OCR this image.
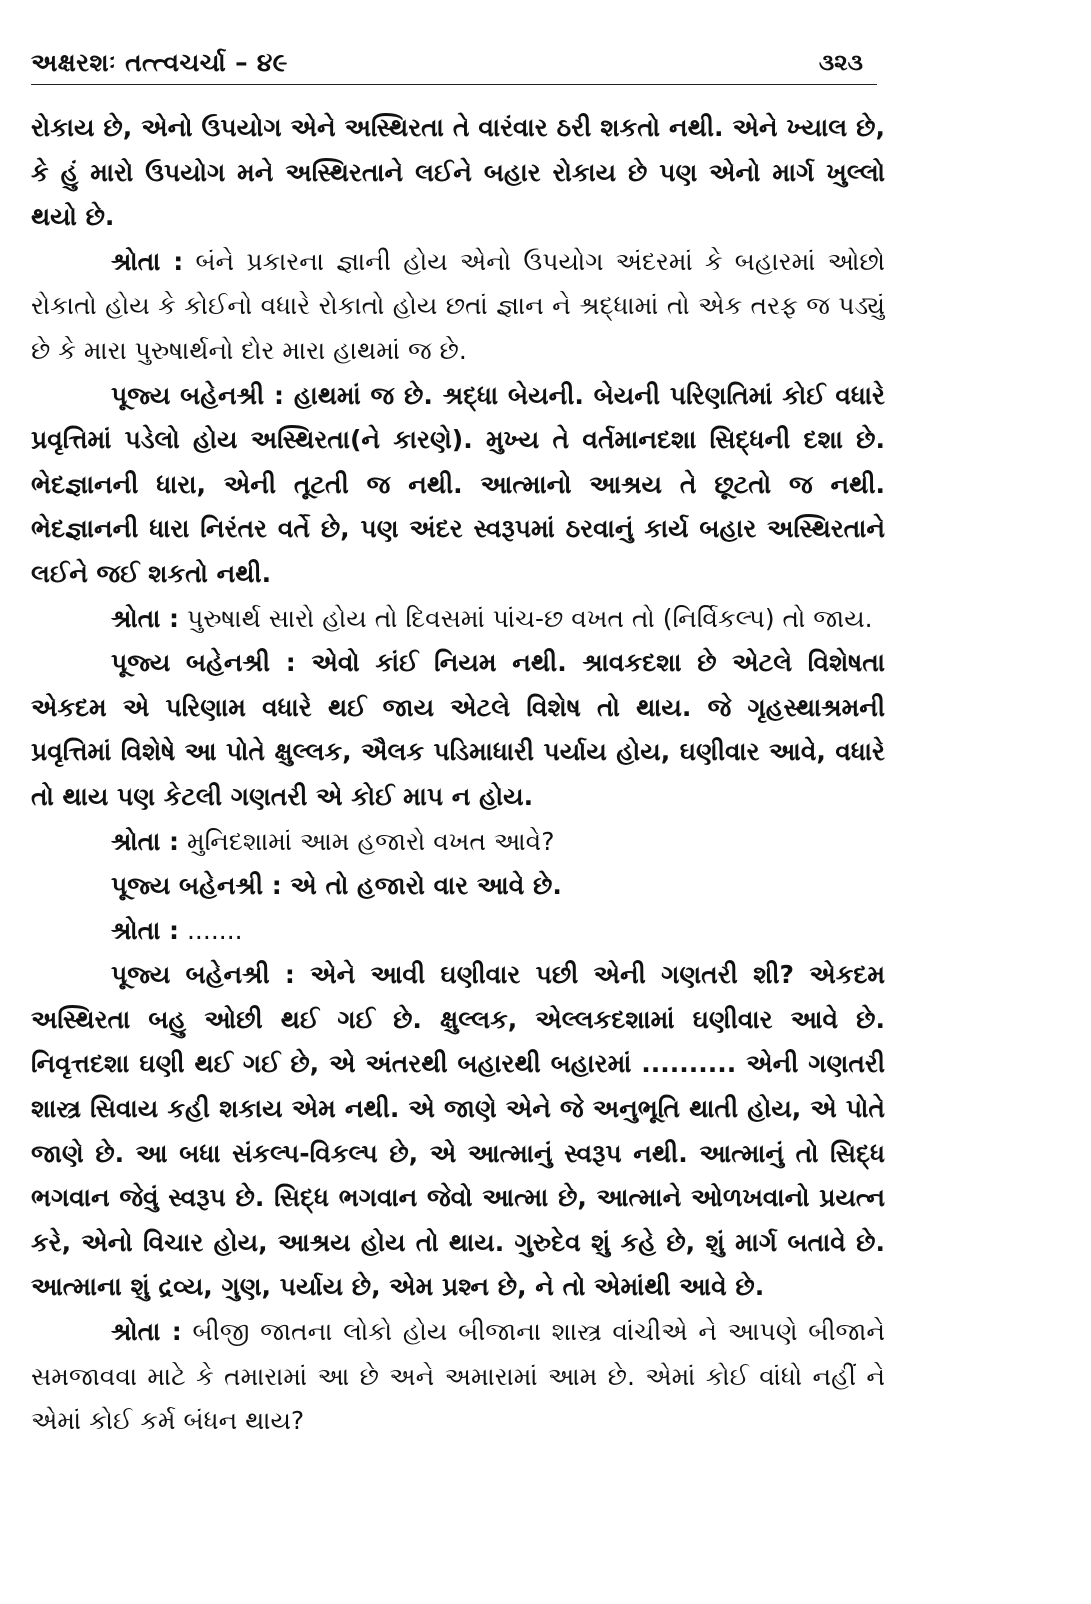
અક્ષરશઃ તત્ત્વચર્ચા – ૪૯	૩૨૩

રોકાય છે, એનો ઉપયોગ એને અસ્થિરતા તે વારંવાર ઠરી શકતો નથી. એને ખ્યાલ છે, કે હું મારો ઉપયોગ મને અસ્થિરતાને લઈને બહાર રોકાય છે પણ એનો માર્ગ ખુલ્લો થયો છે.

શ્રોતા : બંને પ્રકારના જ્ઞાની હોય એનો ઉપયોગ અંદરમાં કે બહારમાં ઓછો રોકાતો હોય કે કોઈનો વધારે રોકાતો હોય છતાં જ્ઞાન ને શ્રદ્ધામાં તો એક તરફ જ પડ્યું છે કે મારા પુરુષાર્થનો દોર મારા હાથમાં જ છે.

પૂજ્ય બહેનશ્રી : હાથમાં જ છે. શ્રદ્ધા બેયની. બેયની પરિણતિમાં કોઈ વધારે પ્રવૃત્તિમાં પડેલો હોય અસ્થિરતા(ને કારણે). મુખ્ય તે વર્તમાનદશા સિદ્ધની દશા છે. ભેદજ્ઞાનની ધારા, એની તૂટતી જ નથી. આત્માનો આશ્રય તે છૂટતો જ નથી. ભેદજ્ઞાનની ધારા નિરંતર વર્તે છે, પણ અંદર સ્વરૂપમાં ઠરવાનું કાર્ય બહાર અસ્થિરતાને લઈને જઈ શકતો નથી.

શ્રોતા : પુરુષાર્થ સારો હોય તો દિવસમાં પાંચ-છ વખત તો (નિર્વિકલ્પ) તો જાય.

પૂજ્ય બહેનશ્રી : એવો કાંઈ નિયમ નથી. શ્રાવકદશા છે એટલે વિશેષતા એકદમ એ પરિણામ વધારે થઈ જાય એટલે વિશેષ તો થાય. જે ગૃહસ્થાશ્રમની પ્રવૃત્તિમાં વિશેષે આ પોતે ક્ષુલ્લક, ઐલક પડિમાધારી પર્યાય હોય, ઘણીવાર આવે, વધારે તો થાય પણ કેટલી ગણતરી એ કોઈ માપ ન હોય.

શ્રોતા : મુનિદશામાં આમ હજારો વખત આવે?

પૂજ્ય બહેનશ્રી : એ તો હજારો વાર આવે છે.

શ્રોતા : .......

પૂજ્ય બહેનશ્રી : એને આવી ઘણીવાર પછી એની ગણતરી શી? એકદમ અસ્થિરતા બહુ ઓછી થઈ ગઈ છે. ક્ષુલ્લક, એલ્લકદશામાં ઘણીવાર આવે છે. નિવૃત્તદશા ઘણી થઈ ગઈ છે, એ અંતરથી બહારથી બહારમાં .......... એની ગણતરી શાસ્ત્ર સિવાય કહી શકાય એમ નથી. એ જાણે એને જે અનુભૂતિ થાતી હોય, એ પોતે જાણે છે. આ બધા સંકલ્પ-વિકલ્પ છે, એ આત્માનું સ્વરૂપ નથી. આત્માનું તો સિદ્ધ ભગવાન જેવું સ્વરૂપ છે. સિદ્ધ ભગવાન જેવો આત્મા છે, આત્માને ઓળખવાનો પ્રયત્ન કરે, એનો વિચાર હોય, આશ્રય હોય તો થાય. ગુરુદેવ શું કહે છે, શું માર્ગ બતાવે છે. આત્માના શું દ્રવ્ય, ગુણ, પર્યાય છે, એમ પ્રશ્ન છે, ને તો એમાંથી આવે છે.

શ્રોતા : બીજી જાતના લોકો હોય બીજાના શાસ્ત્ર વાંચીએ ને આપણે બીજાને સમજાવવા માટે કે તમારામાં આ છે અને અમારામાં આમ છે. એમાં કોઈ વાંધો નહીં ને એમાં કોઈ કર્મ બંધન થાય?
